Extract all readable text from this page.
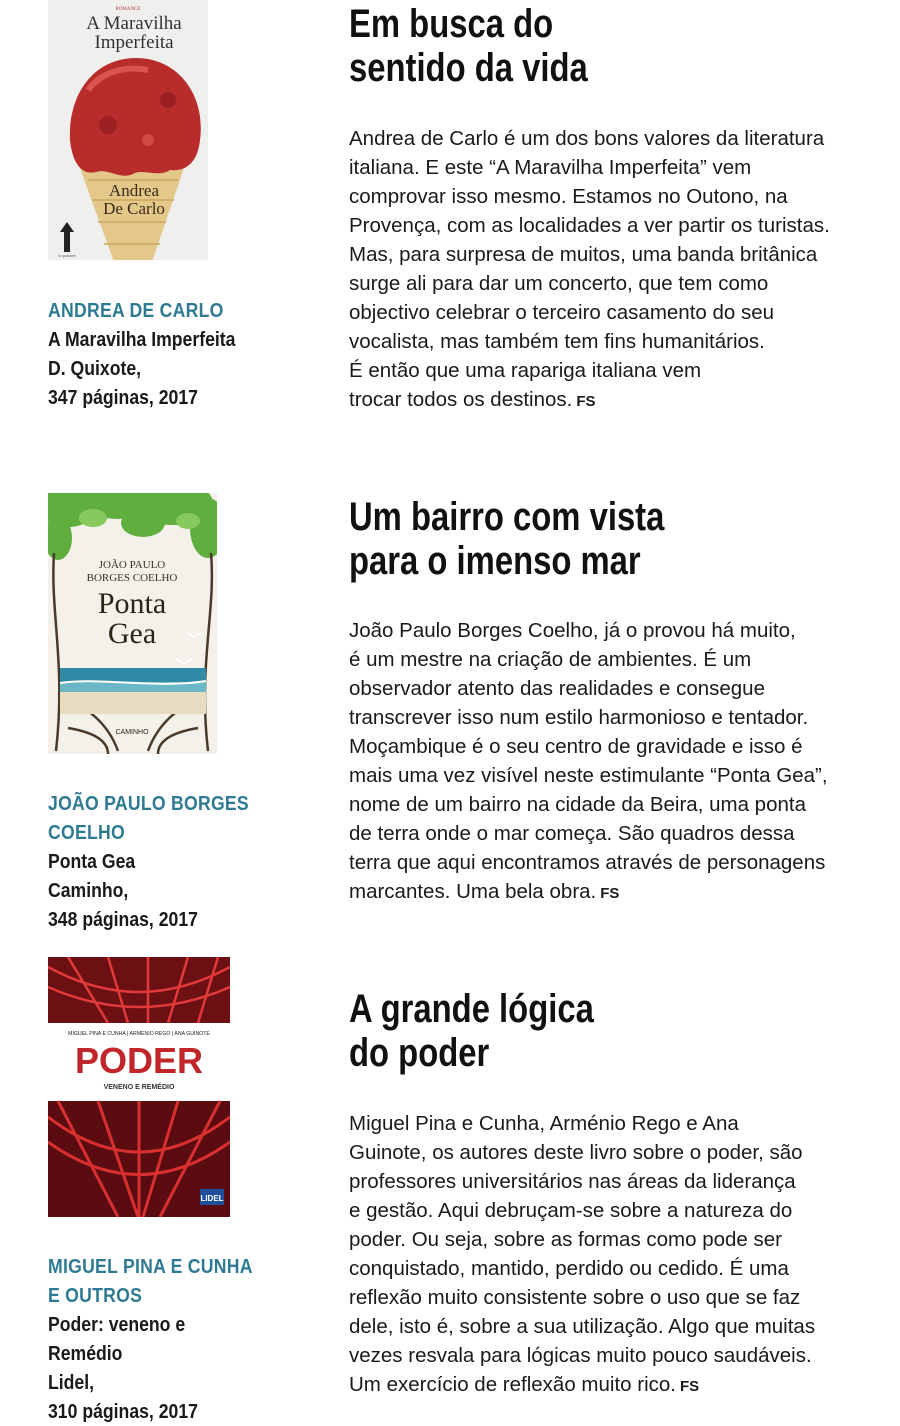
ROMANCE
A Maravilha
Imperfeita
Andrea
De Carlo
D. QUIXOTE
ANDREA DE CARLO
A Maravilha Imperfeita
D. Quixote,
347 páginas, 2017
Em busca do
sentido da vida
Andrea de Carlo é um dos bons valores da literatura
italiana. E este “A Maravilha Imperfeita” vem
comprovar isso mesmo. Estamos no Outono, na
Provença, com as localidades a ver partir os turistas.
Mas, para surpresa de muitos, uma banda britânica
surge ali para dar um concerto, que tem como
objectivo celebrar o terceiro casamento do seu
vocalista, mas também tem fins humanitários.
É então que uma rapariga italiana vem
trocar todos os destinos. FS
JOÃO PAULO
BORGES COELHO
Ponta
Gea
CAMINHO
JOÃO PAULO BORGES
COELHO
Ponta Gea
Caminho,
348 páginas, 2017
Um bairro com vista
para o imenso mar
João Paulo Borges Coelho, já o provou há muito,
é um mestre na criação de ambientes. É um
observador atento das realidades e consegue
transcrever isso num estilo harmonioso e tentador.
Moçambique é o seu centro de gravidade e isso é
mais uma vez visível neste estimulante “Ponta Gea”,
nome de um bairro na cidade da Beira, uma ponta
de terra onde o mar começa. São quadros dessa
terra que aqui encontramos através de personagens
marcantes. Uma bela obra. FS
MIGUEL PINA E CUNHA | ARMÉNIO REGO | ANA GUINOTE
PODER
VENENO E REMÉDIO
LIDEL
MIGUEL PINA E CUNHA
E OUTROS
Poder: veneno e Remédio
Lidel,
310 páginas, 2017
A grande lógica
do poder
Miguel Pina e Cunha, Arménio Rego e Ana
Guinote, os autores deste livro sobre o poder, são
professores universitários nas áreas da liderança
e gestão. Aqui debruçam-se sobre a natureza do
poder. Ou seja, sobre as formas como pode ser
conquistado, mantido, perdido ou cedido. É uma
reflexão muito consistente sobre o uso que se faz
dele, isto é, sobre a sua utilização. Algo que muitas
vezes resvala para lógicas muito pouco saudáveis.
Um exercício de reflexão muito rico. FS
